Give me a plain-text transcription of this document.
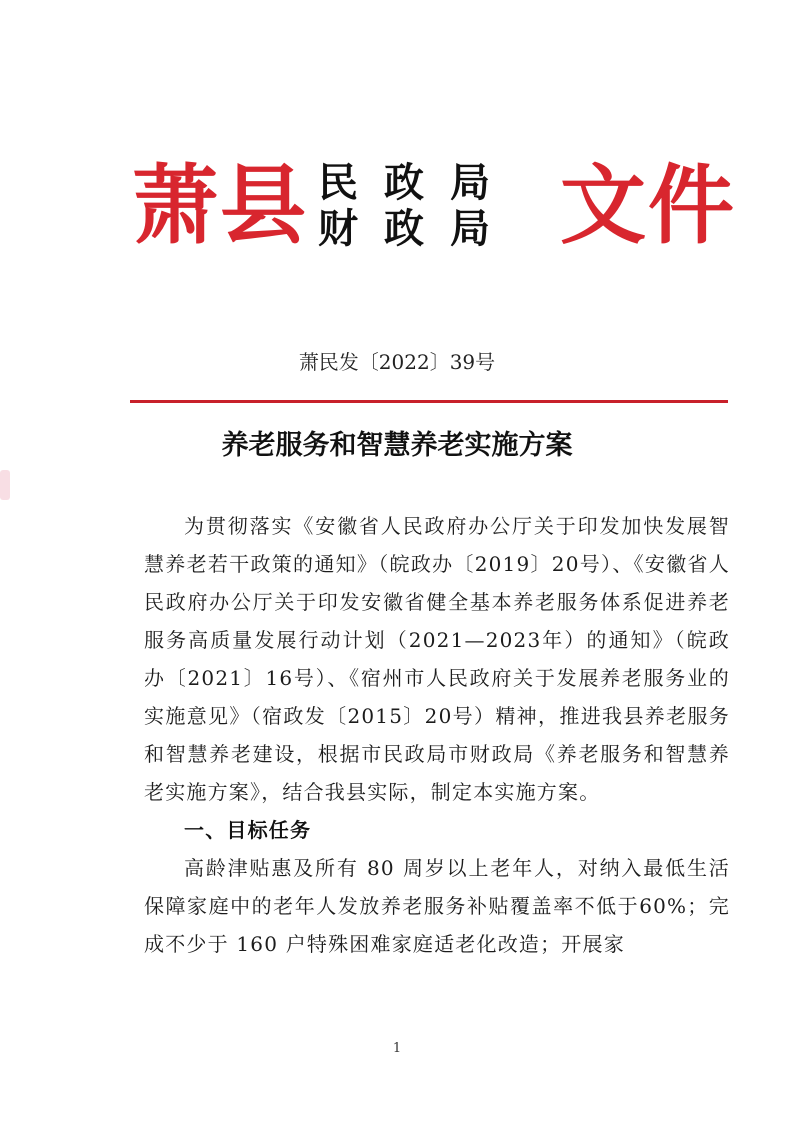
萧县 民政局
财政局 文件
萧民发〔2022〕39号
养老服务和智慧养老实施方案

为贯彻落实《安徽省人民政府办公厅关于印发加快发展智慧养老若干政策的通知》（皖政办〔2019〕20号）、《安徽省人民政府办公厅关于印发安徽省健全基本养老服务体系促进养老服务高质量发展行动计划（2021—2023年）的通知》（皖政办〔2021〕16号）、《宿州市人民政府关于发展养老服务业的实施意见》（宿政发〔2015〕20号）精神，推进我县养老服务和智慧养老建设，根据市民政局市财政局《养老服务和智慧养老实施方案》，结合我县实际，制定本实施方案。

一、目标任务

高龄津贴惠及所有 80 周岁以上老年人，对纳入最低生活保障家庭中的老年人发放养老服务补贴覆盖率不低于60%；完成不少于 160 户特殊困难家庭适老化改造；开展家

1
